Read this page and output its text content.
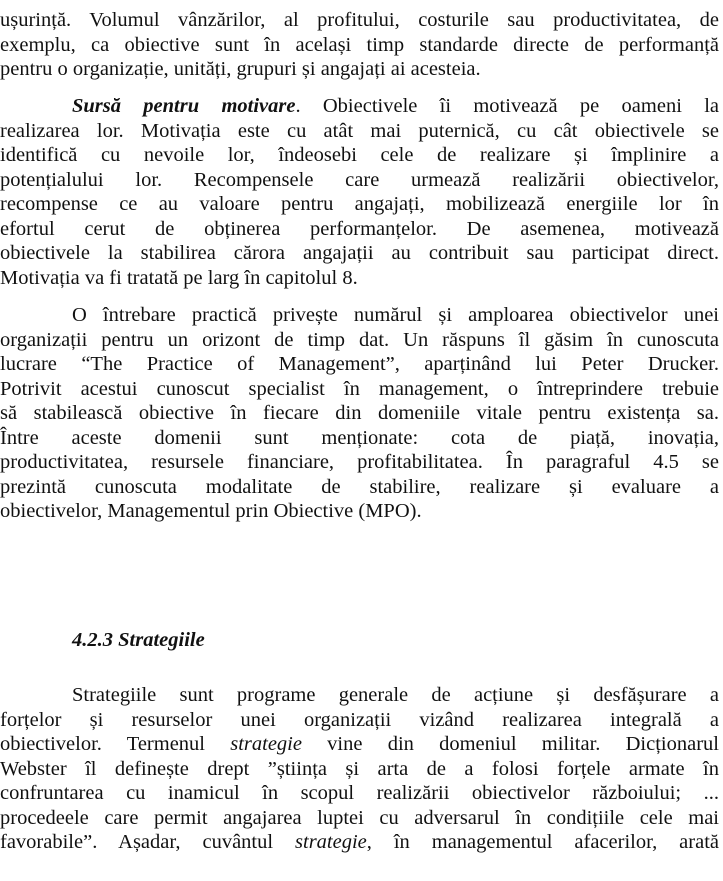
ușurință. Volumul vânzărilor, al profitului, costurile sau productivitatea, de
exemplu, ca obiective sunt în același timp standarde directe de performanță
pentru o organizație, unități, grupuri și angajați ai acesteia.
Sursă pentru motivare. Obiectivele îi motivează pe oameni la
realizarea lor. Motivația este cu atât mai puternică, cu cât obiectivele se
identifică cu nevoile lor, îndeosebi cele de realizare și împlinire a
potențialului lor. Recompensele care urmează realizării obiectivelor,
recompense ce au valoare pentru angajați, mobilizează energiile lor în
efortul cerut de obținerea performanțelor. De asemenea, motivează
obiectivele la stabilirea cărora angajații au contribuit sau participat direct.
Motivația va fi tratată pe larg în capitolul 8.
O întrebare practică privește numărul și amploarea obiectivelor unei
organizații pentru un orizont de timp dat. Un răspuns îl găsim în cunoscuta
lucrare “The Practice of Management”, aparținând lui Peter Drucker.
Potrivit acestui cunoscut specialist în management, o întreprindere trebuie
să stabilească obiective în fiecare din domeniile vitale pentru existența sa.
Între aceste domenii sunt menționate: cota de piață, inovația,
productivitatea, resursele financiare, profitabilitatea. În paragraful 4.5 se
prezintă cunoscuta modalitate de stabilire, realizare și evaluare a
obiectivelor, Managementul prin Obiective (MPO).
4.2.3 Strategiile
Strategiile sunt programe generale de acțiune și desfășurare a
forțelor și resurselor unei organizații vizând realizarea integrală a
obiectivelor. Termenul strategie vine din domeniul militar. Dicționarul
Webster îl definește drept ”știința și arta de a folosi forțele armate în
confruntarea cu inamicul în scopul realizării obiectivelor războiului; ...
procedeele care permit angajarea luptei cu adversarul în condițiile cele mai
favorabile”. Așadar, cuvântul strategie, în managementul afacerilor, arată
